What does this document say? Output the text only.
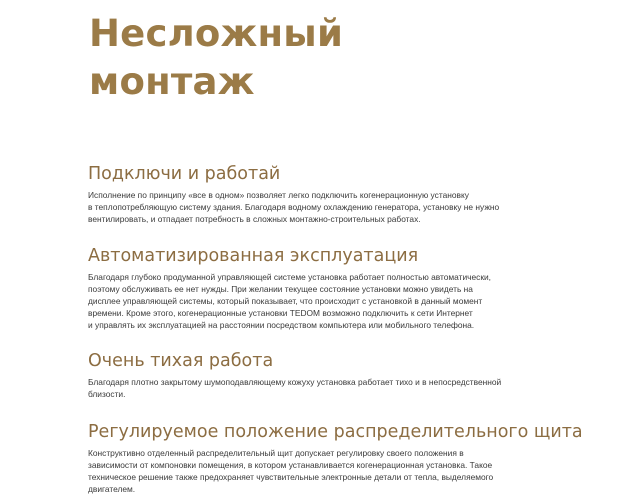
Несложный
монтаж
Подключи и работай

Исполнение по принципу «все в одном» позволяет легко подключить когенерационную установку
в теплопотребляющую систему здания. Благодаря водному охлаждению генератора, установку не нужно
вентилировать, и отпадает потребность в сложных монтажно-строительных работах.

Автоматизированная эксплуатация

Благодаря глубоко продуманной управляющей системе установка работает полностью автоматически,
поэтому обслуживать ее нет нужды. При желании текущее состояние установки можно увидеть на
дисплее управляющей системы, который показывает, что происходит с установкой в данный момент
времени. Кроме этого, когенерационные установки TEDOM возможно подключить к сети Интернет
и управлять их эксплуатацией на расстоянии посредством компьютера или мобильного телефона.

Очень тихая работа

Благодаря плотно закрытому шумоподавляющему кожуху установка работает тихо и в непосредственной
близости.

Регулируемое положение распределительного щита

Конструктивно отделенный распределительный щит допускает регулировку своего положения в
зависимости от компоновки помещения, в котором устанавливается когенерационная установка. Такое
техническое решение также предохраняет чувствительные электронные детали от тепла, выделяемого
двигателем.
